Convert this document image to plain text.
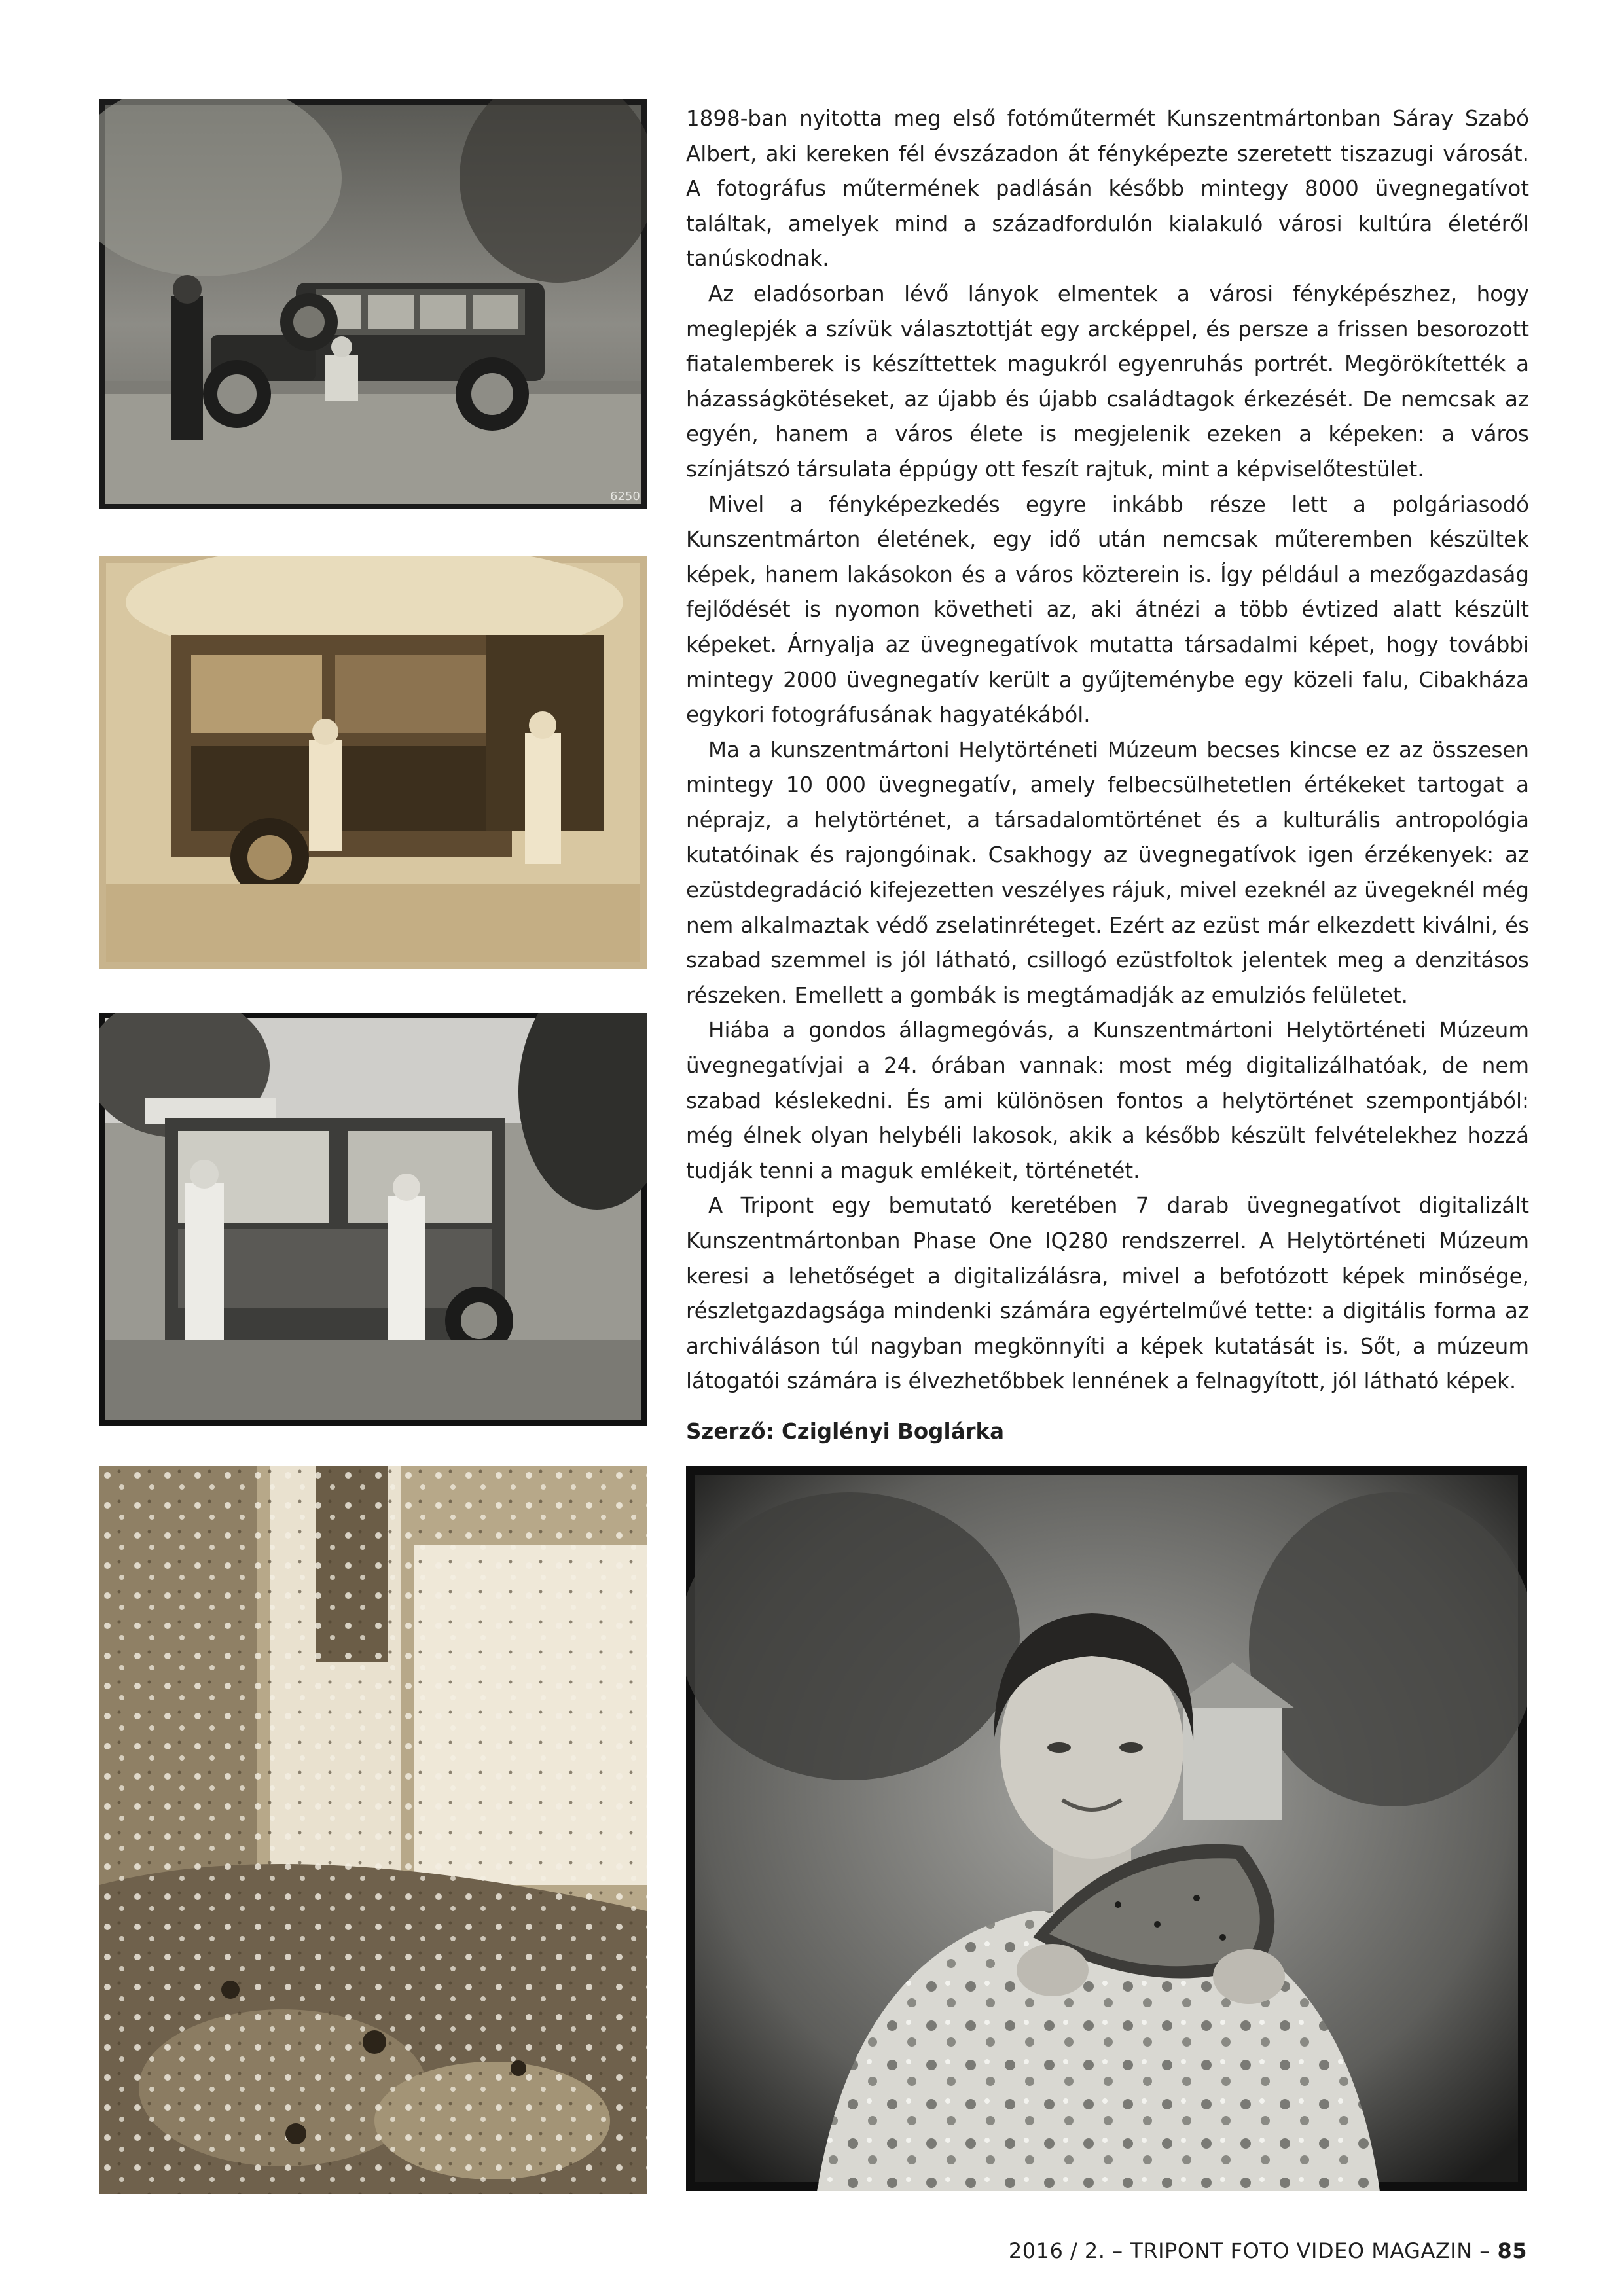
6250

1898-ban nyitotta meg első fotóműtermét Kunszentmártonban Sáray Szabó Albert, aki kereken fél évszázadon át fényképezte szeretett tiszazugi városát. A fotográfus műtermének padlásán később mintegy 8000 üvegnegatívot találtak, amelyek mind a századfordulón kialakuló városi kultúra életéről tanúskodnak.

Az eladósorban lévő lányok elmentek a városi fényképészhez, hogy meglepjék a szívük választottját egy arcképpel, és persze a frissen besorozott fiatalemberek is készíttettek magukról egyenruhás portrét. Megörökítették a házasságkötéseket, az újabb és újabb családtagok érkezését. De nemcsak az egyén, hanem a város élete is megjelenik ezeken a képeken: a város színjátszó társulata éppúgy ott feszít rajtuk, mint a képviselőtestület.

Mivel a fényképezkedés egyre inkább része lett a polgáriasodó Kunszentmárton életének, egy idő után nemcsak műteremben készültek képek, hanem lakásokon és a város közterein is. Így például a mezőgazdaság fejlődését is nyomon követheti az, aki átnézi a több évtized alatt készült képeket. Árnyalja az üvegnegatívok mutatta társadalmi képet, hogy további mintegy 2000 üvegnegatív került a gyűjteménybe egy közeli falu, Cibakháza egykori fotográfusának hagyatékából.

Ma a kunszentmártoni Helytörténeti Múzeum becses kincse ez az összesen mintegy 10 000 üvegnegatív, amely felbecsülhetetlen értékeket tartogat a néprajz, a helytörténet, a társadalomtörténet és a kulturális antropológia kutatóinak és rajongóinak. Csakhogy az üvegnegatívok igen érzékenyek: az ezüstdegradáció kifejezetten veszélyes rájuk, mivel ezeknél az üvegeknél még nem alkalmaztak védő zselatinréteget. Ezért az ezüst már elkezdett kiválni, és szabad szemmel is jól látható, csillogó ezüstfoltok jelentek meg a denzitásos részeken. Emellett a gombák is megtámadják az emulziós felületet.

Hiába a gondos állagmegóvás, a Kunszentmártoni Helytörténeti Múzeum üvegnegatívjai a 24. órában vannak: most még digitalizálhatóak, de nem szabad késlekedni. És ami különösen fontos a helytörténet szempontjából: még élnek olyan helybéli lakosok, akik a később készült felvételekhez hozzá tudják tenni a maguk emlékeit, történetét.

A Tripont egy bemutató keretében 7 darab üvegnegatívot digitalizált Kunszentmártonban Phase One IQ280 rendszerrel. A Helytörténeti Múzeum keresi a lehetőséget a digitalizálásra, mivel a befotózott képek minősége, részletgazdagsága mindenki számára egyértelművé tette: a digitális forma az archiváláson túl nagyban megkönnyíti a képek kutatását is. Sőt, a múzeum látogatói számára is élvezhetőbbek lennének a felnagyított, jól látható képek.

Szerző: Cziglényi Boglárka
2016 / 2. – TRIPONT FOTO VIDEO MAGAZIN – 85
